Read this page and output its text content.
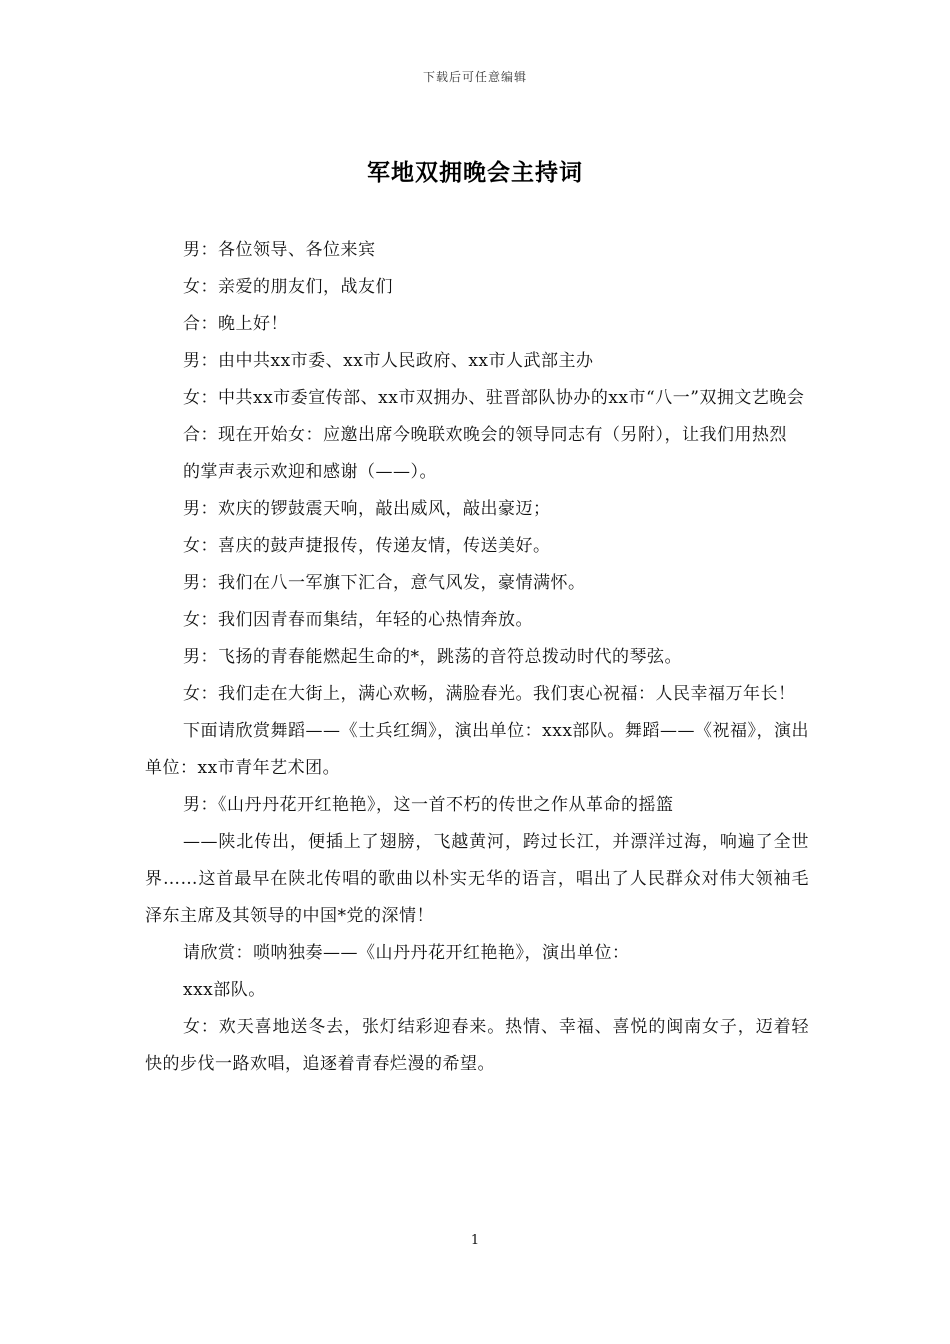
下载后可任意编辑
军地双拥晚会主持词

男：各位领导、各位来宾

女：亲爱的朋友们，战友们

合：晚上好！

男：由中共xx市委、xx市人民政府、xx市人武部主办

女：中共xx市委宣传部、xx市双拥办、驻晋部队协办的xx市“八一”双拥文艺晚会

合：现在开始女：应邀出席今晚联欢晚会的领导同志有（另附），让我们用热烈

的掌声表示欢迎和感谢（——）。

男：欢庆的锣鼓震天响，敲出威风，敲出豪迈；

女：喜庆的鼓声捷报传，传递友情，传送美好。

男：我们在八一军旗下汇合，意气风发，豪情满怀。

女：我们因青春而集结，年轻的心热情奔放。

男：飞扬的青春能燃起生命的*，跳荡的音符总拨动时代的琴弦。

女：我们走在大街上，满心欢畅，满脸春光。我们衷心祝福：人民幸福万年长！

下面请欣赏舞蹈——《士兵红绸》，演出单位：xxx部队。舞蹈——《祝福》，演出单位：xx市青年艺术团。

男：《山丹丹花开红艳艳》，这一首不朽的传世之作从革命的摇篮

——陕北传出，便插上了翅膀，飞越黄河，跨过长江，并漂洋过海，响遍了全世界……这首最早在陕北传唱的歌曲以朴实无华的语言，唱出了人民群众对伟大领袖毛泽东主席及其领导的中国*党的深情！

请欣赏：唢呐独奏——《山丹丹花开红艳艳》，演出单位：

xxx部队。

女：欢天喜地送冬去，张灯结彩迎春来。热情、幸福、喜悦的闽南女子，迈着轻快的步伐一路欢唱，追逐着青春烂漫的希望。

1
